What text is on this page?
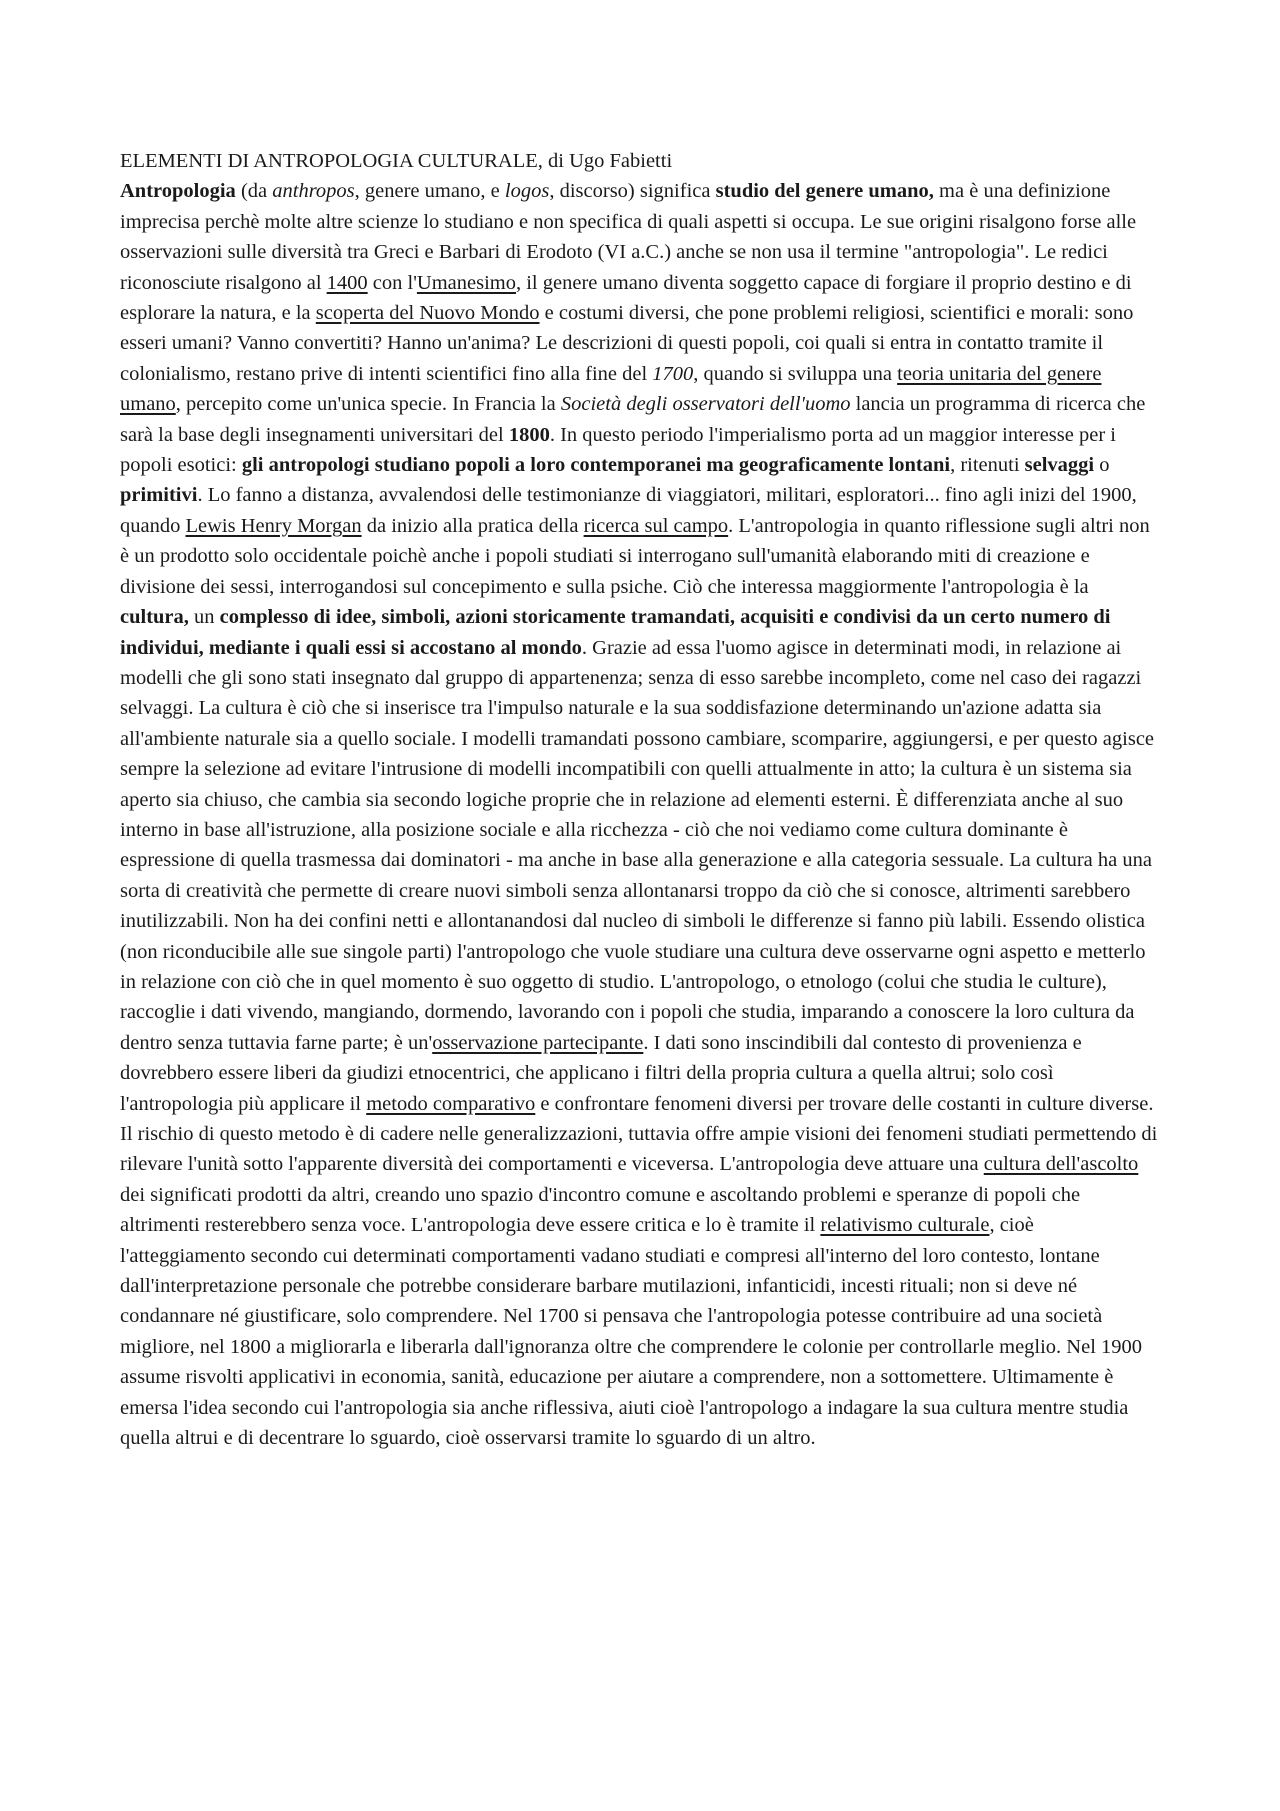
ELEMENTI DI ANTROPOLOGIA CULTURALE, di Ugo Fabietti

Antropologia (da anthropos, genere umano, e logos, discorso) significa studio del genere umano, ma è una definizione imprecisa perchè molte altre scienze lo studiano e non specifica di quali aspetti si occupa. Le sue origini risalgono forse alle osservazioni sulle diversità tra Greci e Barbari di Erodoto (VI a.C.) anche se non usa il termine "antropologia". Le redici riconosciute risalgono al 1400 con l'Umanesimo, il genere umano diventa soggetto capace di forgiare il proprio destino e di esplorare la natura, e la scoperta del Nuovo Mondo e costumi diversi, che pone problemi religiosi, scientifici e morali: sono esseri umani? Vanno convertiti? Hanno un'anima? Le descrizioni di questi popoli, coi quali si entra in contatto tramite il colonialismo, restano prive di intenti scientifici fino alla fine del 1700, quando si sviluppa una teoria unitaria del genere umano, percepito come un'unica specie. In Francia la Società degli osservatori dell'uomo lancia un programma di ricerca che sarà la base degli insegnamenti universitari del 1800. In questo periodo l'imperialismo porta ad un maggior interesse per i popoli esotici: gli antropologi studiano popoli a loro contemporanei ma geograficamente lontani, ritenuti selvaggi o primitivi. Lo fanno a distanza, avvalendosi delle testimonianze di viaggiatori, militari, esploratori... fino agli inizi del 1900, quando Lewis Henry Morgan da inizio alla pratica della ricerca sul campo. L'antropologia in quanto riflessione sugli altri non è un prodotto solo occidentale poichè anche i popoli studiati si interrogano sull'umanità elaborando miti di creazione e divisione dei sessi, interrogandosi sul concepimento e sulla psiche. Ciò che interessa maggiormente l'antropologia è la cultura, un complesso di idee, simboli, azioni storicamente tramandati, acquisiti e condivisi da un certo numero di individui, mediante i quali essi si accostano al mondo. Grazie ad essa l'uomo agisce in determinati modi, in relazione ai modelli che gli sono stati insegnato dal gruppo di appartenenza; senza di esso sarebbe incompleto, come nel caso dei ragazzi selvaggi. La cultura è ciò che si inserisce tra l'impulso naturale e la sua soddisfazione determinando un'azione adatta sia all'ambiente naturale sia a quello sociale. I modelli tramandati possono cambiare, scomparire, aggiungersi, e per questo agisce sempre la selezione ad evitare l'intrusione di modelli incompatibili con quelli attualmente in atto; la cultura è un sistema sia aperto sia chiuso, che cambia sia secondo logiche proprie che in relazione ad elementi esterni. È differenziata anche al suo interno in base all'istruzione, alla posizione sociale e alla ricchezza - ciò che noi vediamo come cultura dominante è espressione di quella trasmessa dai dominatori - ma anche in base alla generazione e alla categoria sessuale. La cultura ha una sorta di creatività che permette di creare nuovi simboli senza allontanarsi troppo da ciò che si conosce, altrimenti sarebbero inutilizzabili. Non ha dei confini netti e allontanandosi dal nucleo di simboli le differenze si fanno più labili. Essendo olistica (non riconducibile alle sue singole parti) l'antropologo che vuole studiare una cultura deve osservarne ogni aspetto e metterlo in relazione con ciò che in quel momento è suo oggetto di studio. L'antropologo, o etnologo (colui che studia le culture), raccoglie i dati vivendo, mangiando, dormendo, lavorando con i popoli che studia, imparando a conoscere la loro cultura da dentro senza tuttavia farne parte; è un'osservazione partecipante. I dati sono inscindibili dal contesto di provenienza e dovrebbero essere liberi da giudizi etnocentrici, che applicano i filtri della propria cultura a quella altrui; solo così l'antropologia più applicare il metodo comparativo e confrontare fenomeni diversi per trovare delle costanti in culture diverse. Il rischio di questo metodo è di cadere nelle generalizzazioni, tuttavia offre ampie visioni dei fenomeni studiati permettendo di rilevare l'unità sotto l'apparente diversità dei comportamenti e viceversa. L'antropologia deve attuare una cultura dell'ascolto dei significati prodotti da altri, creando uno spazio d'incontro comune e ascoltando problemi e speranze di popoli che altrimenti resterebbero senza voce. L'antropologia deve essere critica e lo è tramite il relativismo culturale, cioè l'atteggiamento secondo cui determinati comportamenti vadano studiati e compresi all'interno del loro contesto, lontane dall'interpretazione personale che potrebbe considerare barbare mutilazioni, infanticidi, incesti rituali; non si deve né condannare né giustificare, solo comprendere. Nel 1700 si pensava che l'antropologia potesse contribuire ad una società migliore, nel 1800 a migliorarla e liberarla dall'ignoranza oltre che comprendere le colonie per controllarle meglio. Nel 1900 assume risvolti applicativi in economia, sanità, educazione per aiutare a comprendere, non a sottomettere. Ultimamente è emersa l'idea secondo cui l'antropologia sia anche riflessiva, aiuti cioè l'antropologo a indagare la sua cultura mentre studia quella altrui e di decentrare lo sguardo, cioè osservarsi tramite lo sguardo di un altro.
